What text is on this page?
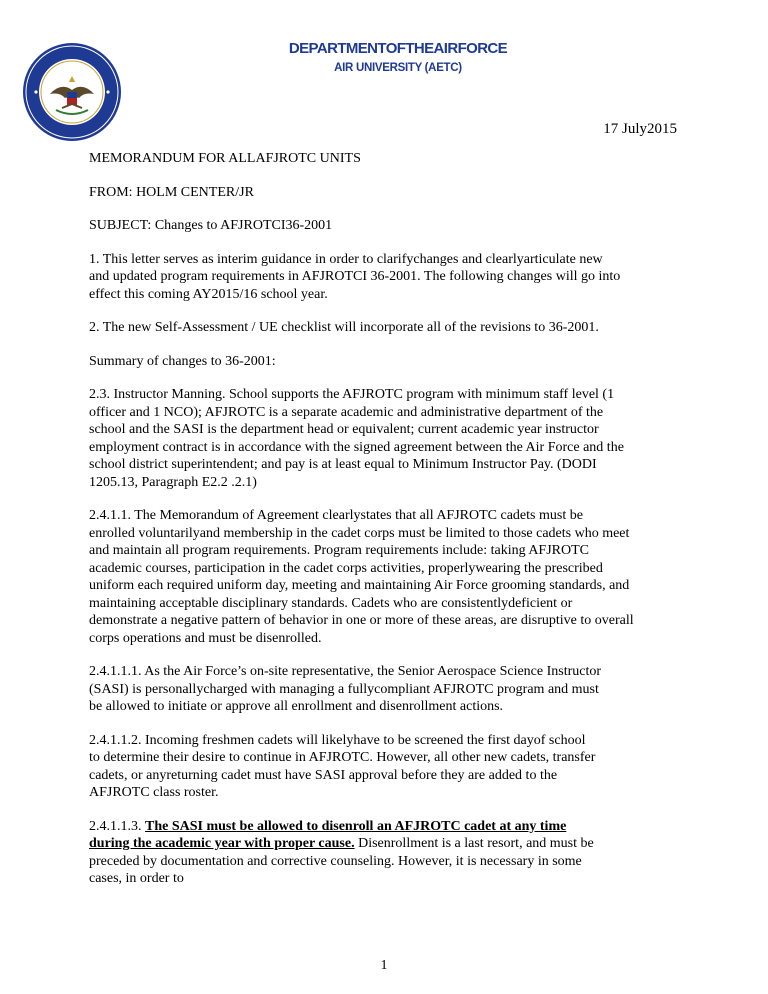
DEPARTMENTOFTHEAIRFORCE
AIR UNIVERSITY (AETC)
17 July2015

MEMORANDUM FOR ALLAFJROTC UNITS

FROM: HOLM CENTER/JR

SUBJECT: Changes to AFJROTCI36-2001

1. This letter serves as interim guidance in order to clarifychanges and clearlyarticulate new

and updated program requirements in AFJROTCI 36-2001. The following changes will go into

effect this coming AY2015/16 school year.

2. The new Self-Assessment / UE checklist will incorporate all of the revisions to 36-2001.

Summary of changes to 36-2001:

2.3. Instructor Manning. School supports the AFJROTC program with minimum staff level (1

officer and 1 NCO); AFJROTC is a separate academic and administrative department of the

school and the SASI is the department head or equivalent; current academic year instructor

employment contract is in accordance with the signed agreement between the Air Force and the

school district superintendent; and pay is at least equal to Minimum Instructor Pay. (DODI

1205.13, Paragraph E2.2 .2.1)

2.4.1.1. The Memorandum of Agreement clearlystates that all AFJROTC cadets must be

enrolled voluntarilyand membership in the cadet corps must be limited to those cadets who meet

and maintain all program requirements. Program requirements include: taking AFJROTC

academic courses, participation in the cadet corps activities, properlywearing the prescribed

uniform each required uniform day, meeting and maintaining Air Force grooming standards, and

maintaining acceptable disciplinary standards. Cadets who are consistentlydeficient or

demonstrate a negative pattern of behavior in one or more of these areas, are disruptive to overall

corps operations and must be disenrolled.

2.4.1.1.1. As the Air Force’s on-site representative, the Senior Aerospace Science Instructor

(SASI) is personallycharged with managing a fullycompliant AFJROTC program and must

be allowed to initiate or approve all enrollment and disenrollment actions.

2.4.1.1.2. Incoming freshmen cadets will likelyhave to be screened the first dayof school

to determine their desire to continue in AFJROTC. However, all other new cadets, transfer

cadets, or anyreturning cadet must have SASI approval before they are added to the

AFJROTC class roster.

2.4.1.1.3. The SASI must be allowed to disenroll an AFJROTC cadet at any time

during the academic year with proper cause. Disenrollment is a last resort, and must be

preceded by documentation and corrective counseling. However, it is necessary in some

cases, in order to

1
